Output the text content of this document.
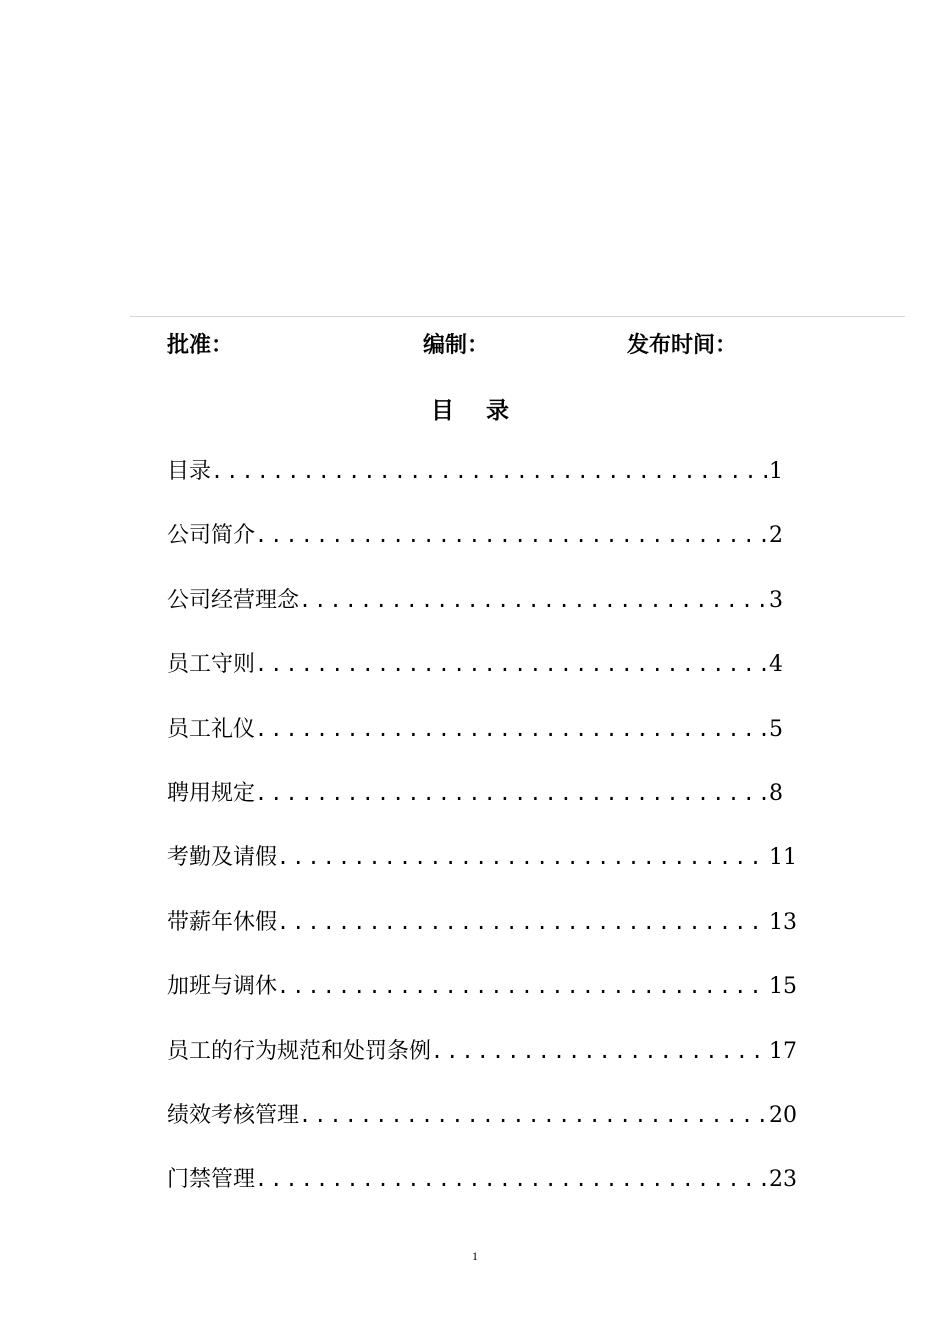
批准：	编制：	发布时间：
目 录
目录 .....	1
公司简介 .....	2
公司经营理念 .....	3
员工守则 .....	4
员工礼仪 .....	5
聘用规定 .....	8
考勤及请假 .....	11
带薪年休假 .....	13
加班与调休 .....	15
员工的行为规范和处罚条例 .....	17
绩效考核管理 .....	20
门禁管理 .....	23
1
